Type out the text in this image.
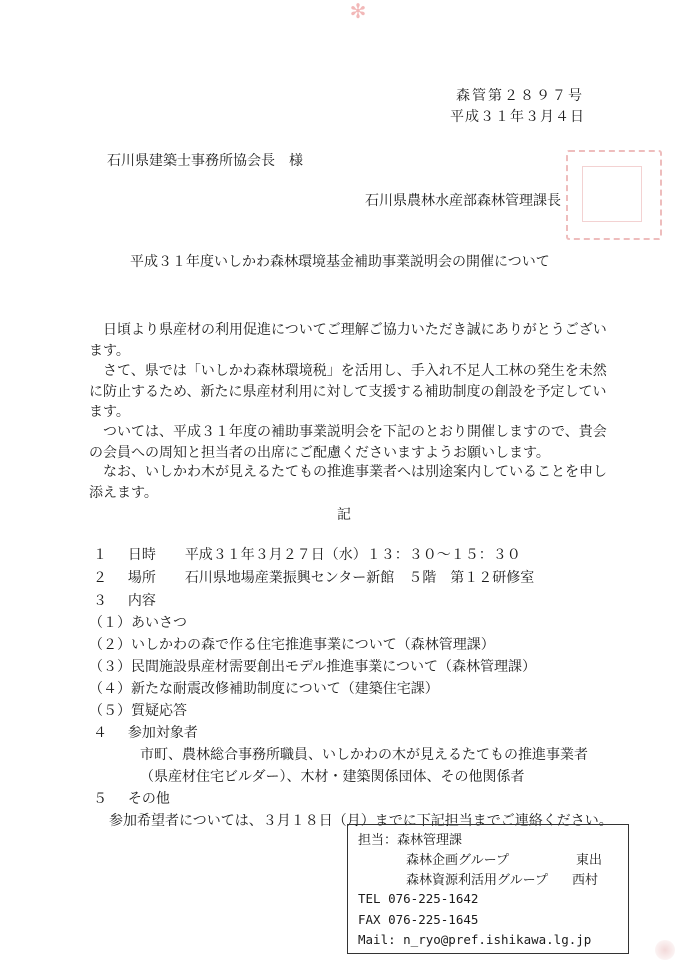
✻
森管第２８９７号
平成３１年３月４日
石川県建築士事務所協会長　様
石川県農林水産部森林管理課長
平成３１年度いしかわ森林環境基金補助事業説明会の開催について

日頃より県産材の利用促進についてご理解ご協力いただき誠にありがとうございます。

さて、県では「いしかわ森林環境税」を活用し、手入れ不足人工林の発生を未然に防止するため、新たに県産材利用に対して支援する補助制度の創設を予定しています。

ついては、平成３１年度の補助事業説明会を下記のとおり開催しますので、貴会の会員への周知と担当者の出席にご配慮くださいますようお願いします。

なお、いしかわ木が見えるたてもの推進事業者へは別途案内していることを申し添えます。

記
１ 日時 平成３１年３月２７日（水）１３：３０～１５：３０
２ 場所 石川県地場産業振興センター新館　５階　第１２研修室
３ 内容
（１）あいさつ
（２）いしかわの森で作る住宅推進事業について（森林管理課）
（３）民間施設県産材需要創出モデル推進事業について（森林管理課）
（４）新たな耐震改修補助制度について（建築住宅課）
（５）質疑応答
４ 参加対象者
市町、農林総合事務所職員、いしかわの木が見えるたてもの推進事業者
（県産材住宅ビルダー）、木材・建築関係団体、その他関係者
５ その他
参加希望者については、３月１８日（月）までに下記担当までご連絡ください。
担当：森林管理課
森林企画グループ	東出
森林資源利活用グループ 西村
TEL 076-225-1642
FAX 076-225-1645
Mail: n_ryo@pref.ishikawa.lg.jp
